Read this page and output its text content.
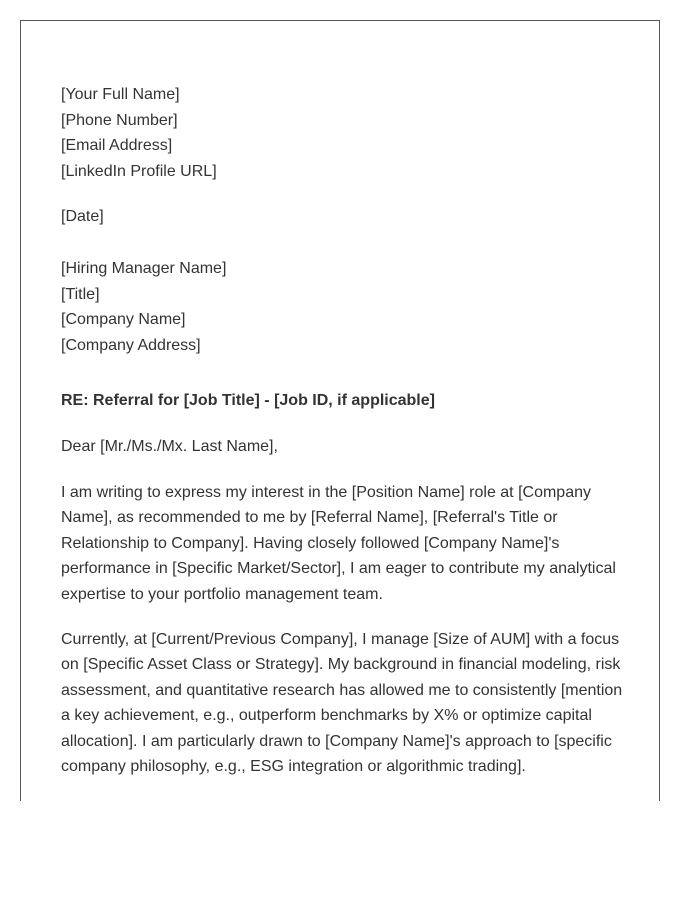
[Your Full Name]

[Phone Number]

[Email Address]

[LinkedIn Profile URL]

[Date]

[Hiring Manager Name]

[Title]

[Company Name]

[Company Address]

RE: Referral for [Job Title] - [Job ID, if applicable]

Dear [Mr./Ms./Mx. Last Name],

I am writing to express my interest in the [Position Name] role at [Company Name], as recommended to me by [Referral Name], [Referral's Title or Relationship to Company]. Having closely followed [Company Name]'s performance in [Specific Market/Sector], I am eager to contribute my analytical expertise to your portfolio management team.

Currently, at [Current/Previous Company], I manage [Size of AUM] with a focus on [Specific Asset Class or Strategy]. My background in financial modeling, risk assessment, and quantitative research has allowed me to consistently [mention a key achievement, e.g., outperform benchmarks by X% or optimize capital allocation]. I am particularly drawn to [Company Name]'s approach to [specific company philosophy, e.g., ESG integration or algorithmic trading].
